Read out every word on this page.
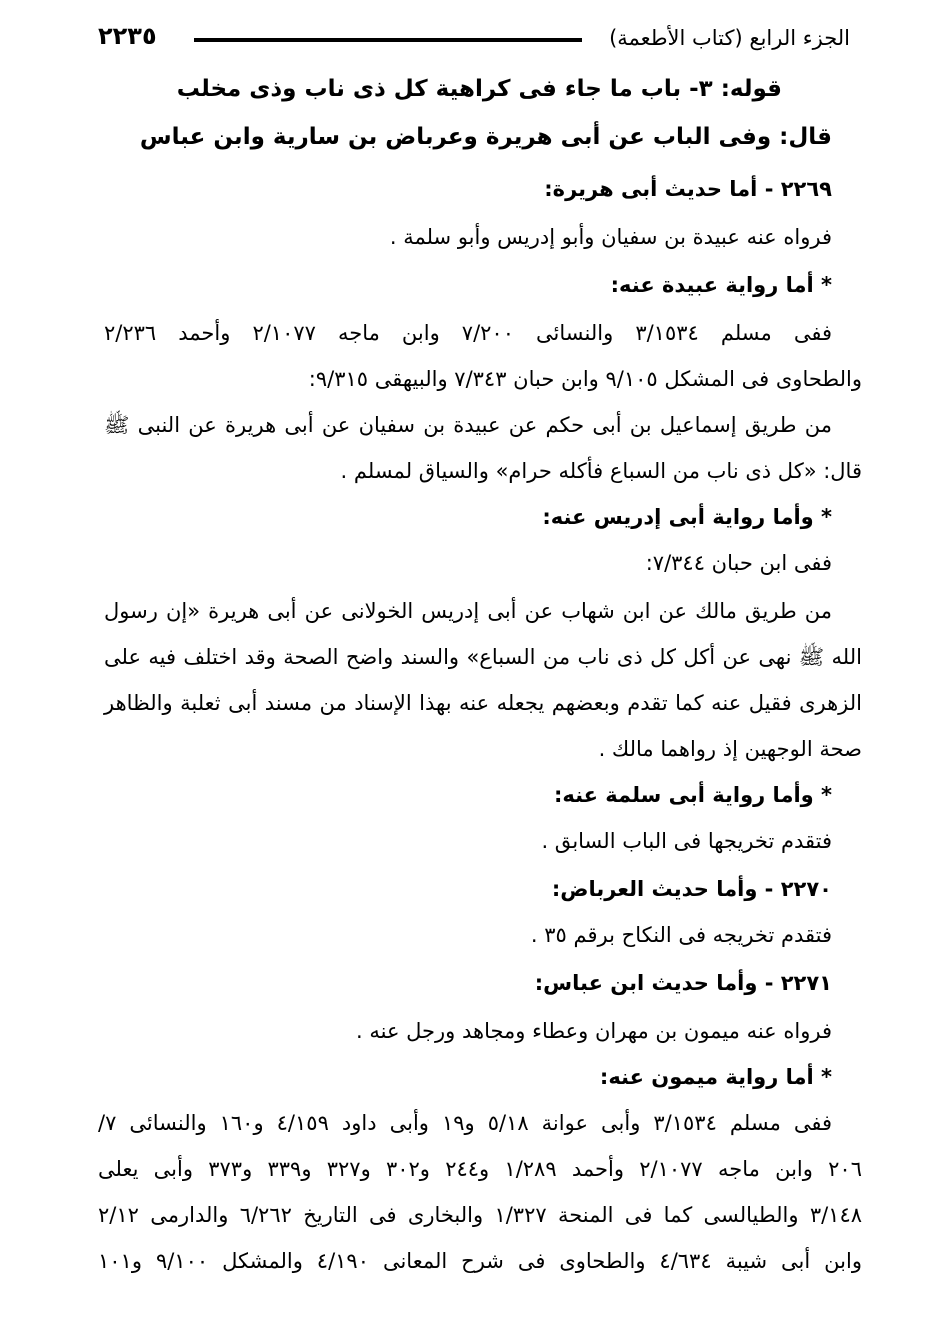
الجزء الرابع (كتاب الأطعمة)
٢٢٣٥
قوله: ٣- باب ما جاء فى كراهية كل ذى ناب وذى مخلب
قال: وفى الباب عن أبى هريرة وعرباض بن سارية وابن عباس
٢٢٦٩ - أما حديث أبى هريرة:
فرواه عنه عبيدة بن سفيان وأبو إدريس وأبو سلمة .
* أما رواية عبيدة عنه:
ففى مسلم ٣/١٥٣٤ والنسائى ٧/٢٠٠ وابن ماجه ٢/١٠٧٧ وأحمد ٢/٢٣٦
والطحاوى فى المشكل ٩/١٠٥ وابن حبان ٧/٣٤٣ والبيهقى ٩/٣١٥:
من طريق إسماعيل بن أبى حكم عن عبيدة بن سفيان عن أبى هريرة عن النبى ﷺ
قال: «كل ذى ناب من السباع فأكله حرام» والسياق لمسلم .
* وأما رواية أبى إدريس عنه:
ففى ابن حبان ٧/٣٤٤:
من طريق مالك عن ابن شهاب عن أبى إدريس الخولانى عن أبى هريرة «إن رسول
الله ﷺ نهى عن أكل كل ذى ناب من السباع» والسند واضح الصحة وقد اختلف فيه على
الزهرى فقيل عنه كما تقدم وبعضهم يجعله عنه بهذا الإسناد من مسند أبى ثعلبة والظاهر
صحة الوجهين إذ رواهما مالك .
* وأما رواية أبى سلمة عنه:
فتقدم تخريجها فى الباب السابق .
٢٢٧٠ - وأما حديث العرباض:
فتقدم تخريجه فى النكاح برقم ٣٥ .
٢٢٧١ - وأما حديث ابن عباس:
فرواه عنه ميمون بن مهران وعطاء ومجاهد ورجل عنه .
* أما رواية ميمون عنه:
ففى مسلم ٣/١٥٣٤ وأبى عوانة ٥/١٨ و١٩ وأبى داود ٤/١٥٩ و١٦٠ والنسائى ٧/
٢٠٦ وابن ماجه ٢/١٠٧٧ وأحمد ١/٢٨٩ و٢٤٤ و٣٠٢ و٣٢٧ و٣٣٩ و٣٧٣ وأبى يعلى
٣/١٤٨ والطيالسى كما فى المنحة ١/٣٢٧ والبخارى فى التاريخ ٦/٢٦٢ والدارمى ٢/١٢
وابن أبى شيبة ٤/٦٣٤ والطحاوى فى شرح المعانى ٤/١٩٠ والمشكل ٩/١٠٠ و١٠١
